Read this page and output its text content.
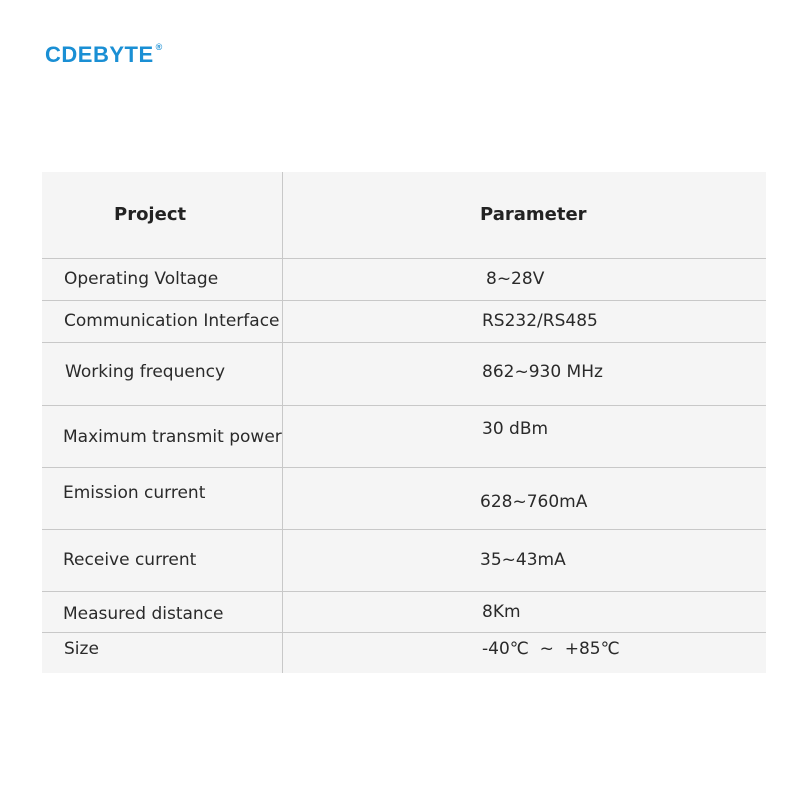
CDEBYTE ®
Project	Parameter
Operating Voltage	8~28V
Communication Interface	RS232/RS485
Working frequency	862~930 MHz
Maximum transmit power	30 dBm
Emission current	628~760mA
Receive current	35~43mA
Measured distance	8Km
Size	-40℃  ~  +85℃
